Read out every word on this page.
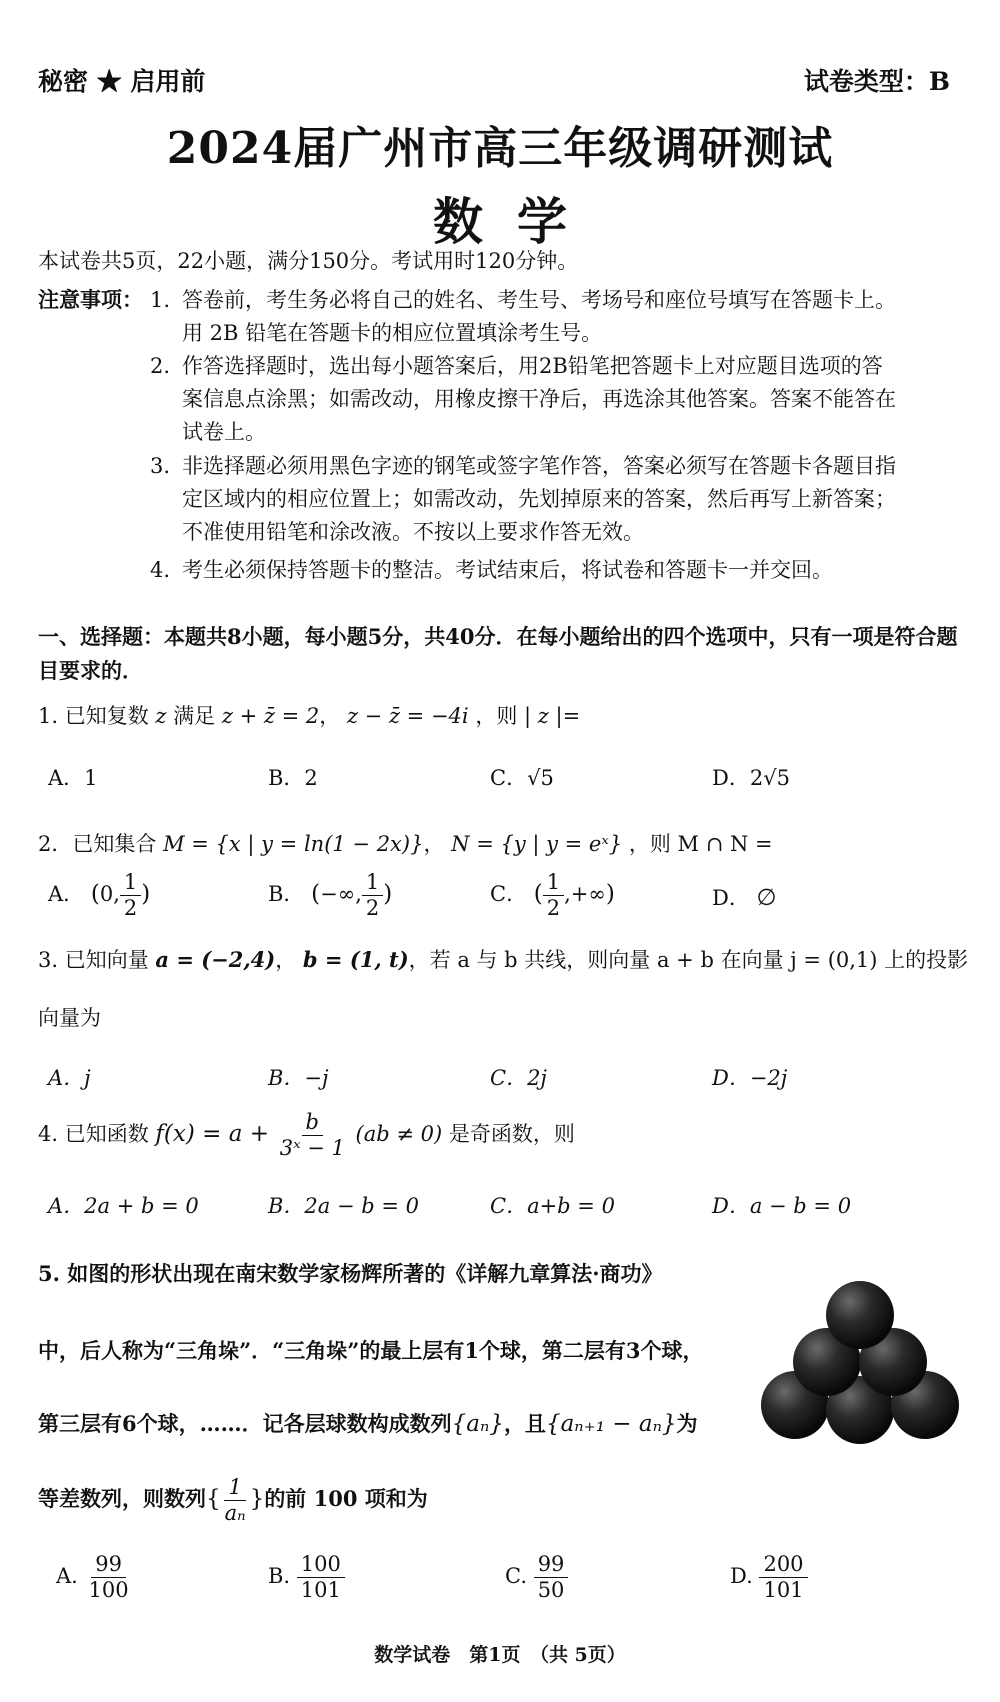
秘密 ★ 启用前	试卷类型：B
2024届广州市高三年级调研测试
数学
本试卷共5页，22小题，满分150分。考试用时120分钟。
注意事项： 1. 答卷前，考生务必将自己的姓名、考生号、考场号和座位号填写在答题卡上。用 2B 铅笔在答题卡的相应位置填涂考生号。
2. 作答选择题时，选出每小题答案后，用2B铅笔把答题卡上对应题目选项的答案信息点涂黑；如需改动，用橡皮擦干净后，再选涂其他答案。答案不能答在试卷上。
3. 非选择题必须用黑色字迹的钢笔或签字笔作答，答案必须写在答题卡各题目指定区域内的相应位置上；如需改动，先划掉原来的答案，然后再写上新答案；不准使用铅笔和涂改液。不按以上要求作答无效。
4. 考生必须保持答题卡的整洁。考试结束后，将试卷和答题卡一并交回。
一、选择题：本题共8小题，每小题5分，共40分．在每小题给出的四个选项中，只有一项是符合题目要求的．
1. 已知复数 z 满足 z + z̄ = 2， z − z̄ = −4i ，则 | z |=
A．1	B．2	C．√5	D．2√5
2．已知集合 M = {x | y = ln(1 − 2x)}， N = {y | y = eˣ} ，则 M ∩ N =
A． (0, $\frac{1}{2}$ )	B． (−∞, $\frac{1}{2}$ )	C． ( $\frac{1}{2}$ ,+∞)	D． ∅
3. 已知向量 a = (−2,4)， b = (1, t)，若 a 与 b 共线，则向量 a + b 在向量 j = (0,1) 上的投影
向量为
A．j	B．−j	C．2j	D．−2j
4. 已知函数 $f(x) = a + \frac{b}{\text{3ˣ − 1}} (ab \ne 0)$ 是奇函数，则
A．2a + b = 0	B．2a − b = 0	C．a+b = 0	D．a − b = 0
5. 如图的形状出现在南宋数学家杨辉所著的《详解九章算法·商功》
中，后人称为“三角垛”．“三角垛”的最上层有1个球，第二层有3个球，
第三层有6个球，……．记各层球数构成数列{aₙ}，且{aₙ₊₁ − aₙ}为
等差数列，则数列{ $\frac{1}{\text{aₙ}}$ }的前 100 项和为
A. $\frac{99}{100}$	B. $\frac{100}{101}$	C. $\frac{99}{50}$	D. $\frac{200}{101}$
数学试卷　第1页　（共 5页）
